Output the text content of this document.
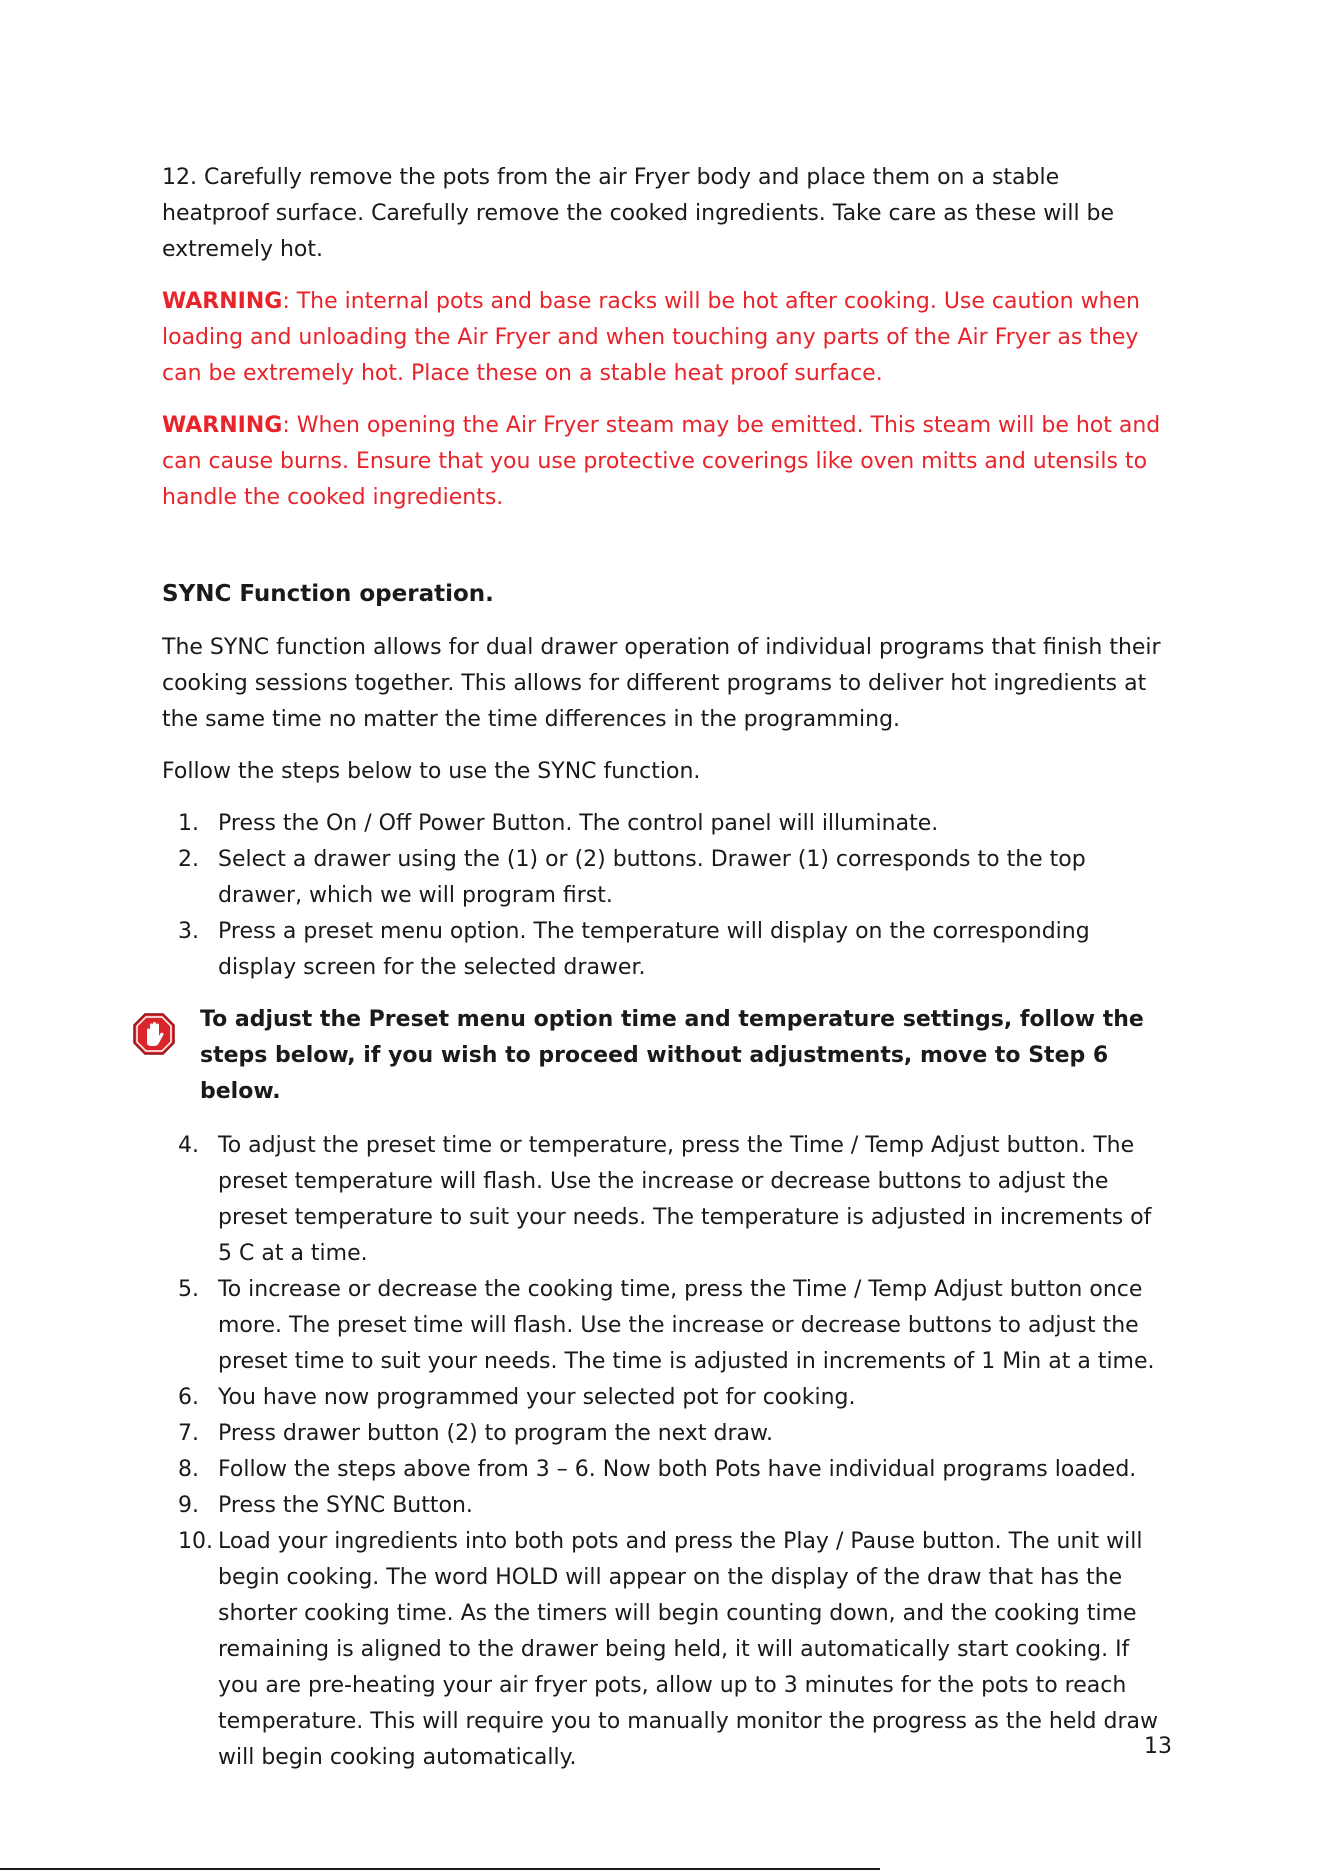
12. Carefully remove the pots from the air Fryer body and place them on a stable heatproof surface. Carefully remove the cooked ingredients. Take care as these will be extremely hot.

WARNING: The internal pots and base racks will be hot after cooking. Use caution when loading and unloading the Air Fryer and when touching any parts of the Air Fryer as they can be extremely hot. Place these on a stable heat proof surface.

WARNING: When opening the Air Fryer steam may be emitted. This steam will be hot and can cause burns. Ensure that you use protective coverings like oven mitts and utensils to handle the cooked ingredients.

SYNC Function operation.

The SYNC function allows for dual drawer operation of individual programs that finish their cooking sessions together. This allows for different programs to deliver hot ingredients at the same time no matter the time differences in the programming.

Follow the steps below to use the SYNC function.

1. Press the On / Off Power Button. The control panel will illuminate.
2. Select a drawer using the (1) or (2) buttons. Drawer (1) corresponds to the top drawer, which we will program first.
3. Press a preset menu option. The temperature will display on the corresponding display screen for the selected drawer.
To adjust the Preset menu option time and temperature settings, follow the steps below, if you wish to proceed without adjustments, move to Step 6 below.
4. To adjust the preset time or temperature, press the Time / Temp Adjust button. The preset temperature will flash. Use the increase or decrease buttons to adjust the preset temperature to suit your needs. The temperature is adjusted in increments of 5 C at a time.
5. To increase or decrease the cooking time, press the Time / Temp Adjust button once more. The preset time will flash. Use the increase or decrease buttons to adjust the preset time to suit your needs. The time is adjusted in increments of 1 Min at a time.
6. You have now programmed your selected pot for cooking.
7. Press drawer button (2) to program the next draw.
8. Follow the steps above from 3 – 6. Now both Pots have individual programs loaded.
9. Press the SYNC Button.
10. Load your ingredients into both pots and press the Play / Pause button. The unit will begin cooking. The word HOLD will appear on the display of the draw that has the shorter cooking time. As the timers will begin counting down, and the cooking time remaining is aligned to the drawer being held, it will automatically start cooking. If you are pre-heating your air fryer pots, allow up to 3 minutes for the pots to reach temperature. This will require you to manually monitor the progress as the held draw will begin cooking automatically.	13
